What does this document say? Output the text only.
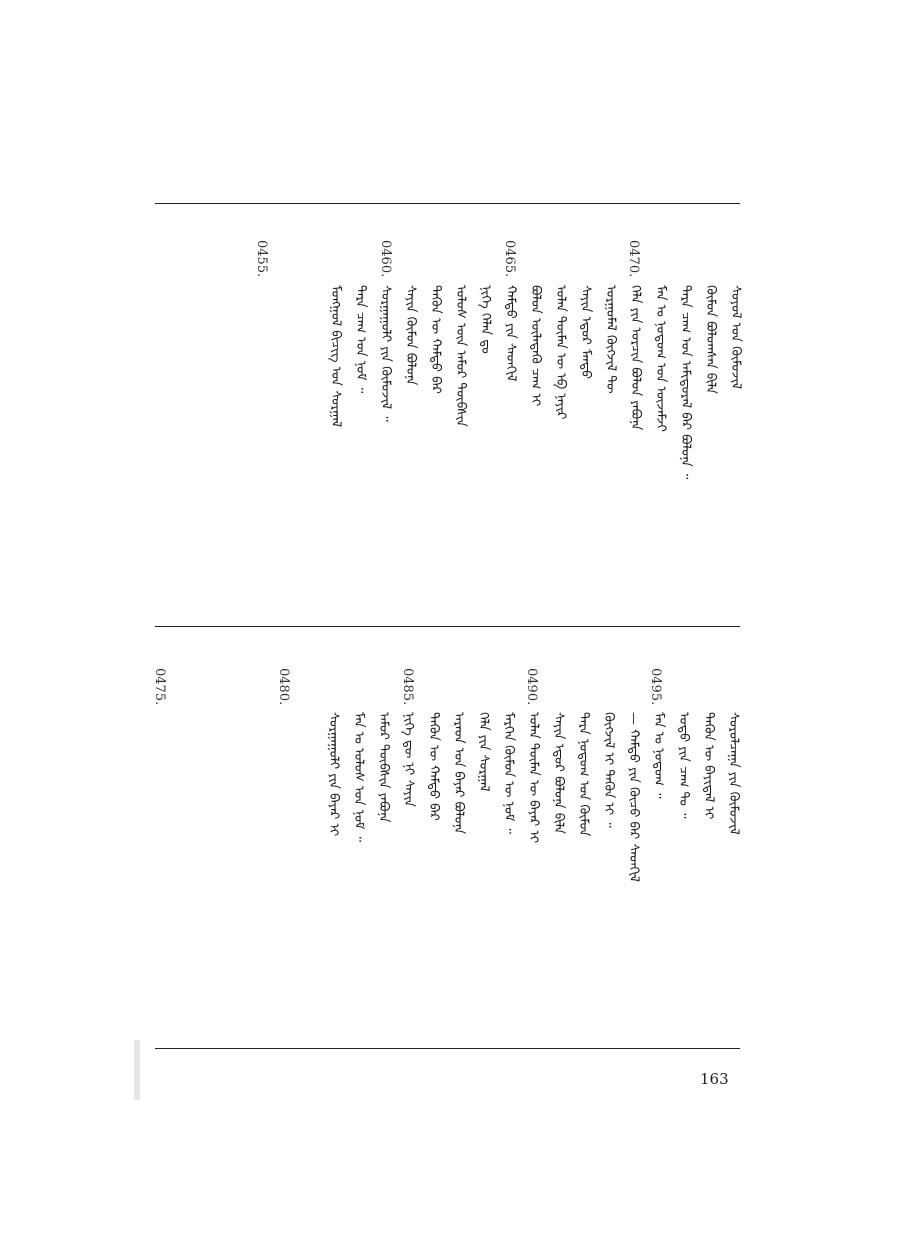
0470.
0465.
0460.
0455.
ᠰᠣᠶᠣᠯ ᠤᠨ ᠬᠥᠮᠦᠵᠢᠯ
ᠬᠦᠮᠦᠨ ᠪᠣᠯᠣᠭᠰᠠᠨ ᠪᠢᠯᠡ
ᠲᠡᠷᠡ ᠴᠠᠭ ᠤᠨ ᠠᠮᠢᠳᠤᠷᠠᠯ ᠪᠠᠷ ᠪᠣᠯᠤᠨᠠ ᠃
ᠮᠠᠨ ᠤ ᠨᠤᠲᠤᠭ ᠤᠨ ᠦᠵᠡᠮᠵᠢ
ᠬᠡᠯᠡ ᠶᠢᠨ ᠣᠷᠴᠢᠨ ᠪᠣᠯᠤᠨ ᠶᠠᠪᠤᠨᠠ
ᠤᠷᠭᠤᠮᠠᠯ ᠬᠥᠭᠵᠢᠯ ᠲᠦ
ᠰᠠᠶᠢᠨ ᠡᠳᠦᠷ ᠮᠡᠨᠳᠦ
ᠣᠯᠠᠨ ᠲᠦᠮᠡᠨ ᠦ ᠡᠪ ᠨᠠᠶᠢᠷ
ᠪᠣᠯᠤᠨ ᠦᠯᠡᠳᠡᠬᠦ ᠴᠠᠭ ᠢ
ᠬᠠᠮᠲᠤ ᠶᠢᠨ ᠰᠡᠳᠬᠢᠯ
ᠨᠢᠭᠡ ᠬᠡᠯᠡᠨ ᠳᠤ
ᠤᠯᠤᠰ ᠦᠨ ᠠᠮᠤᠷ ᠲᠦᠪᠰᠢᠨ
ᠲᠡᠭᠦᠨ ᠦ ᠬᠠᠮᠲᠤ ᠪᠡᠷ
ᠰᠠᠶᠢᠨ ᠬᠦᠮᠦᠨ ᠪᠣᠯᠤᠨᠠ
ᠰᠤᠷᠭᠠᠭᠤᠯᠢ ᠶᠢᠨ ᠬᠥᠮᠦᠵᠢᠯ ᠃
ᠲᠡᠷᠡ ᠴᠠᠭ ᠤᠨ ᠨᠣᠮ ᠃
ᠮᠣᠩᠭᠣᠯ ᠪᠢᠴᠢᠭ ᠤᠨ ᠰᠤᠷᠭᠠᠯ
0495.
0490.
0485.
0480.
0475.
ᠰᠤᠷᠤᠯᠴᠠᠭᠠ ᠶᠢᠨ ᠬᠥᠮᠦᠵᠢᠯ
ᠲᠡᠭᠦᠨ ᠦ ᠪᠠᠶᠢᠳᠠᠯ ᠢ
ᠣᠳᠣ ᠶᠢᠨ ᠴᠠᠭ ᠲᠤ ᠃
ᠮᠠᠨ ᠤ ᠨᠤᠲᠤᠭ ᠃
— ᠬᠠᠮᠲᠤ ᠶᠢᠨ ᠬᠦᠴᠦ ᠪᠠᠷ ᠰᠡᠳᠬᠢᠯ
ᠬᠥᠭᠵᠢᠯ ᠢ ᠲᠡᠭᠦᠨ ᠢ ᠃
ᠲᠡᠷᠡ ᠨᠤᠲᠤᠭ ᠤᠨ ᠬᠦᠮᠦᠨ
ᠰᠠᠶᠢᠨ ᠡᠳᠦᠷ ᠪᠣᠯᠤᠨᠠ ᠪᠢᠯᠡ
ᠣᠯᠠᠨ ᠲᠦᠮᠡᠨ ᠦ ᠪᠠᠶᠠᠷ ᠢ
ᠮᠡᠷᠭᠡᠨ ᠬᠦᠮᠦᠨ ᠦ ᠨᠣᠮ ᠃
ᠬᠡᠯᠡ ᠶᠢᠨ ᠰᠤᠷᠭᠠᠯ
ᠠᠷᠠᠳ ᠤᠨ ᠪᠠᠶᠠᠷ ᠪᠣᠯᠤᠨᠠ
ᠲᠡᠭᠦᠨ ᠦ ᠬᠠᠮᠲᠤ ᠪᠡᠷ
ᠨᠢᠭᠡ ᠳᠦ ᠨᠢ ᠰᠠᠶᠢᠨ
ᠠᠮᠤᠷ ᠲᠦᠪᠰᠢᠨ ᠶᠠᠪᠤᠨᠠ
ᠮᠠᠨ ᠤ ᠤᠯᠤᠰ ᠤᠨ ᠨᠣᠮ ᠃
ᠰᠤᠷᠭᠠᠭᠤᠯᠢ ᠶᠢᠨ ᠪᠠᠶᠠᠷ ᠢ
163
